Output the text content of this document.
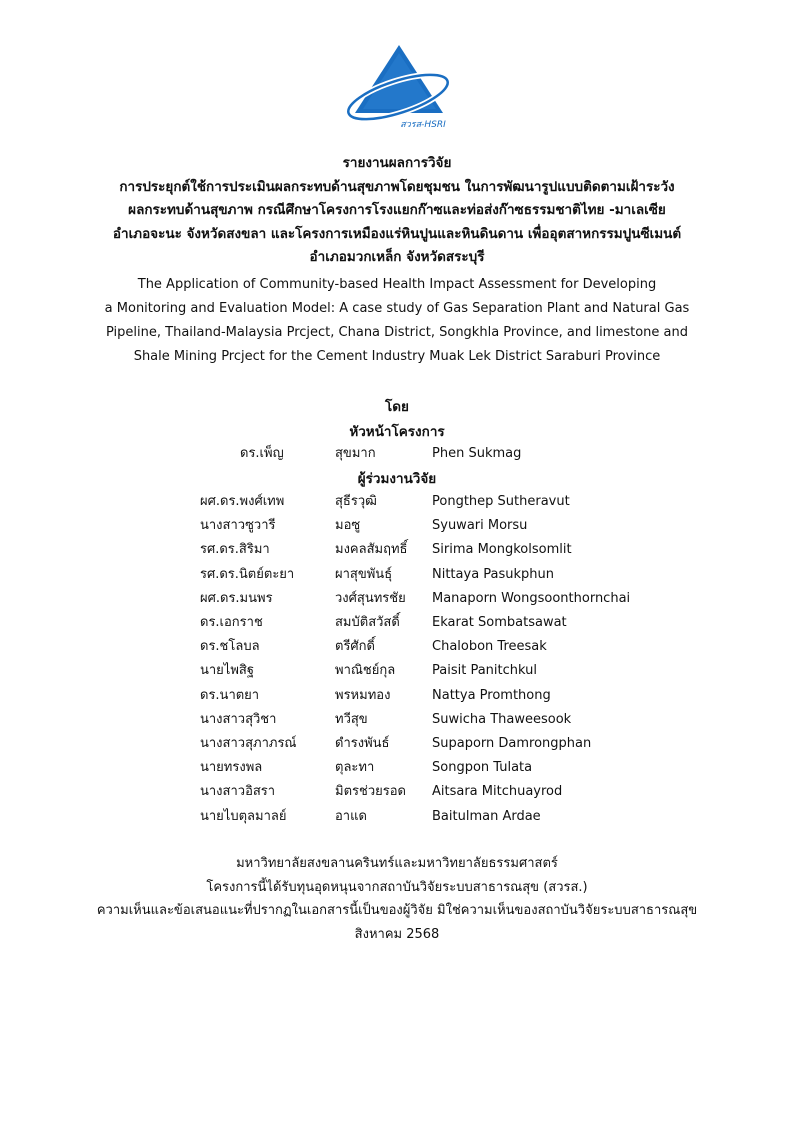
สวรส-HSRI
รายงานผลการวิจัย
การประยุกต์ใช้การประเมินผลกระทบด้านสุขภาพโดยชุมชน ในการพัฒนารูปแบบติดตามเฝ้าระวัง
ผลกระทบด้านสุขภาพ กรณีศึกษาโครงการโรงแยกก๊าซและท่อส่งก๊าซธรรมชาติไทย -มาเลเซีย
อำเภอจะนะ จังหวัดสงขลา และโครงการเหมืองแร่หินปูนและหินดินดาน เพื่ออุตสาหกรรมปูนซีเมนต์
อำเภอมวกเหล็ก จังหวัดสระบุรี
The Application of Community-based Health Impact Assessment for Developing
a Monitoring and Evaluation Model: A case study of Gas Separation Plant and Natural Gas
Pipeline, Thailand-Malaysia Prcject, Chana District, Songkhla Province, and limestone and
Shale Mining Prcject for the Cement Industry Muak Lek District Saraburi Province
โดย
หัวหน้าโครงการ
ดร.เพ็ญ	สุขมาก	Phen Sukmag
ผู้ร่วมงานวิจัย
ผศ.ดร.พงศ์เทพ	สุธีรวุฒิ	Pongthep Sutheravut
นางสาวซูวารี	มอซู	Syuwari Morsu
รศ.ดร.สิริมา	มงคลสัมฤทธิ์ Sirima Mongkolsomlit
รศ.ดร.นิตย์ตะยา	ผาสุขพันธุ์	Nittaya Pasukphun
ผศ.ดร.มนพร	วงศ์สุนทรชัย Manaporn Wongsoonthornchai
ดร.เอกราช	สมบัติสวัสดิ์ Ekarat Sombatsawat
ดร.ชโลบล	ตรีศักดิ์	Chalobon Treesak
นายไพสิฐ	พาณิชย์กุล	Paisit Panitchkul
ดร.นาตยา	พรหมทอง	Nattya Promthong
นางสาวสุวิชา	ทวีสุข	Suwicha Thaweesook
นางสาวสุภาภรณ์	ดำรงพันธ์	Supaporn Damrongphan
นายทรงพล	ตุละทา	Songpon Tulata
นางสาวอิสรา	มิตรช่วยรอด Aitsara Mitchuayrod
นายไบตุลมาลย์	อาแด	Baitulman Ardae
มหาวิทยาลัยสงขลานครินทร์และมหาวิทยาลัยธรรมศาสตร์
โครงการนี้ได้รับทุนอุดหนุนจากสถาบันวิจัยระบบสาธารณสุข (สวรส.)
ความเห็นและข้อเสนอแนะที่ปรากฏในเอกสารนี้เป็นของผู้วิจัย มิใช่ความเห็นของสถาบันวิจัยระบบสาธารณสุข
สิงหาคม 2568
